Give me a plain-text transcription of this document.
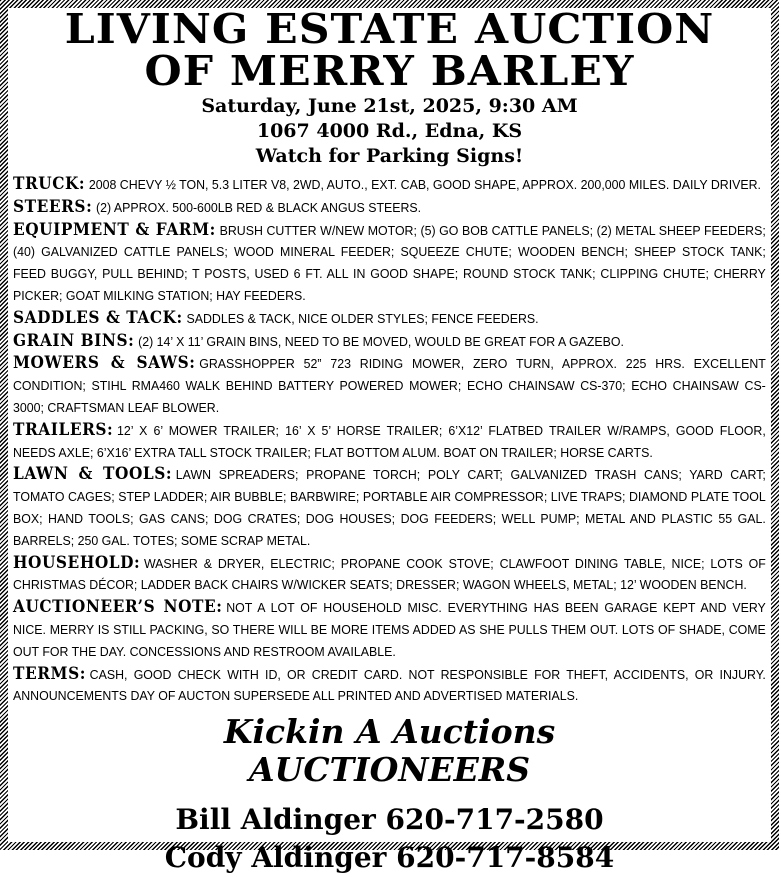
LIVING ESTATE AUCTION
OF MERRY BARLEY

Saturday, June 21st, 2025, 9:30 AM

1067 4000 Rd., Edna, KS

Watch for Parking Signs!

TRUCK: 2008 CHEVY ½ TON, 5.3 LITER V8, 2WD, AUTO., EXT. CAB, GOOD SHAPE, APPROX. 200,000 MILES. DAILY DRIVER.

STEERS: (2) APPROX. 500-600LB RED & BLACK ANGUS STEERS.

EQUIPMENT & FARM: BRUSH CUTTER W/NEW MOTOR; (5) GO BOB CATTLE PANELS; (2) METAL SHEEP FEEDERS; (40) GALVANIZED CATTLE PANELS; WOOD MINERAL FEEDER; SQUEEZE CHUTE; WOODEN BENCH; SHEEP STOCK TANK; FEED BUGGY, PULL BEHIND; T POSTS, USED 6 FT. ALL IN GOOD SHAPE; ROUND STOCK TANK; CLIPPING CHUTE; CHERRY PICKER; GOAT MILKING STATION; HAY FEEDERS.

SADDLES & TACK: SADDLES & TACK, NICE OLDER STYLES; FENCE FEEDERS.

GRAIN BINS: (2) 14’ X 11’ GRAIN BINS, NEED TO BE MOVED, WOULD BE GREAT FOR A GAZEBO.

MOWERS & SAWS: GRASSHOPPER 52” 723 RIDING MOWER, ZERO TURN, APPROX. 225 HRS. EXCELLENT CONDITION; STIHL RMA460 WALK BEHIND BATTERY POWERED MOWER; ECHO CHAINSAW CS-370; ECHO CHAINSAW CS-3000; CRAFTSMAN LEAF BLOWER.

TRAILERS: 12’ X 6’ MOWER TRAILER; 16’ X 5’ HORSE TRAILER; 6’X12’ FLATBED TRAILER W/RAMPS, GOOD FLOOR, NEEDS AXLE; 6’X16’ EXTRA TALL STOCK TRAILER; FLAT BOTTOM ALUM. BOAT ON TRAILER; HORSE CARTS.

LAWN & TOOLS: LAWN SPREADERS; PROPANE TORCH; POLY CART; GALVANIZED TRASH CANS; YARD CART; TOMATO CAGES; STEP LADDER; AIR BUBBLE; BARBWIRE; PORTABLE AIR COMPRESSOR; LIVE TRAPS; DIAMOND PLATE TOOL BOX; HAND TOOLS; GAS CANS; DOG CRATES; DOG HOUSES; DOG FEEDERS; WELL PUMP; METAL AND PLASTIC 55 GAL. BARRELS; 250 GAL. TOTES; SOME SCRAP METAL.

HOUSEHOLD: WASHER & DRYER, ELECTRIC; PROPANE COOK STOVE; CLAWFOOT DINING TABLE, NICE; LOTS OF CHRISTMAS DÉCOR; LADDER BACK CHAIRS W/WICKER SEATS; DRESSER; WAGON WHEELS, METAL; 12’ WOODEN BENCH.

AUCTIONEER’S NOTE: NOT A LOT OF HOUSEHOLD MISC. EVERYTHING HAS BEEN GARAGE KEPT AND VERY NICE. MERRY IS STILL PACKING, SO THERE WILL BE MORE ITEMS ADDED AS SHE PULLS THEM OUT. LOTS OF SHADE, COME OUT FOR THE DAY. CONCESSIONS AND RESTROOM AVAILABLE.

TERMS: CASH, GOOD CHECK WITH ID, OR CREDIT CARD. NOT RESPONSIBLE FOR THEFT, ACCIDENTS, OR INJURY. ANNOUNCEMENTS DAY OF AUCTON SUPERSEDE ALL PRINTED AND ADVERTISED MATERIALS.

Kickin A Auctions

AUCTIONEERS

Bill Aldinger 620-717-2580

Cody Aldinger 620-717-8584
